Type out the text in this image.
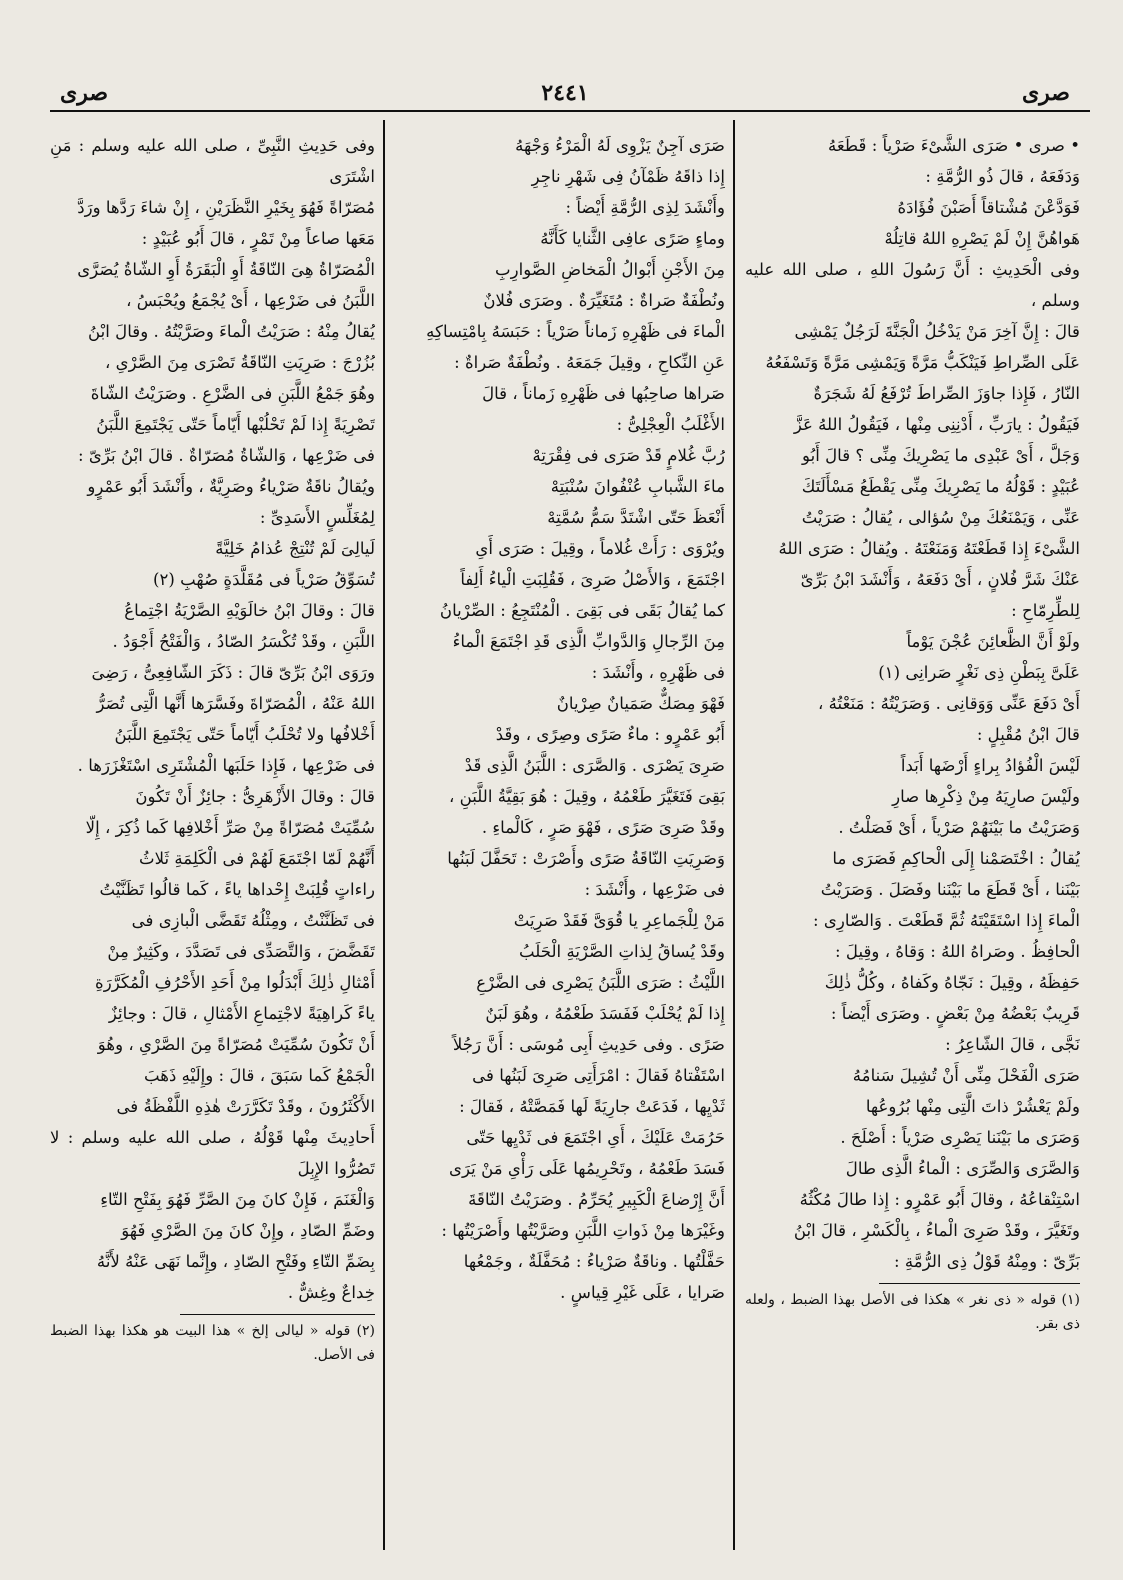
صرى
٢٤٤١
صرى

• صرى • صَرَى الشَّىْءَ صَرْياً : قَطَعَهُ

وَدَفَعَهُ ، قالَ ذُو الرُّمَّةِ :

فَوَدَّعْنَ مُشْتاقاً أَصَبْنَ فُؤَادَهُ

هَواهُنَّ إِنْ لَمْ يَصْرِهِ اللهُ قاتِلُهْ

وفى الْحَدِيثِ : أَنَّ رَسُولَ اللهِ ، صلى الله عليه وسلم ،

قالَ : إِنَّ آخِرَ مَنْ يَدْخُلُ الْجَنَّةَ لَرَجُلٌ يَمْشِى

عَلَى الصِّراطِ فَيَنْكَبُّ مَرَّةً وَيَمْشِى مَرَّةً وَتَسْفَعُهُ

النّارُ ، فَإِذا جاوَزَ الصِّراطَ تُرْفَعُ لَهُ شَجَرَةٌ

فَيَقُولُ : يارَبِّ ، أَدْنِنِى مِنْها ، فَيَقُولُ اللهُ عَزَّ

وَجَلَّ ، أَىْ عَبْدِى ما يَصْرِيكَ مِنِّى ؟ قالَ أَبُو

عُبَيْدٍ : قَوْلُهُ ما يَصْرِيكَ مِنِّى يَقْطَعُ مَسْأَلَتَكَ

عَنِّى ، وَيَمْنَعُكَ مِنْ سُؤالى ، يُقالُ : صَرَيْتُ

الشَّىْءَ إِذا قَطَعْتَهُ وَمَنَعْتَهُ . ويُقالُ : صَرَى اللهُ

عَنْكَ شَرَّ فُلانٍ ، أَىْ دَفَعَهُ ، وَأَنْشَدَ ابْنُ بَرِّىّ

لِلطِّرِمّاحِ :

ولَوْ أَنَّ الظَّعائِنَ عُجْنَ يَوْماً

عَلَىَّ بِبَطْنِ ذِى نَغْرٍ صَرانِى (١)

أَىْ دَفَعَ عَنِّى وَوَقانِى . وَصَرَيْتُهُ : مَنَعْتُهُ ،

قالَ ابْنُ مُقْبِلٍ :

لَيْسَ الْفُؤادُ بِراءٍ أَرْضَها أَبَداً

ولَيْسَ صارِيَهُ مِنْ ذِكْرِها صارِ

وَصَرَيْتُ ما بَيْنَهُمْ صَرْياً ، أَىْ فَصَلْتُ .

يُقالُ : اخْتَصَمْنا إِلَى الْحاكِمِ فَصَرَى ما

بَيْنَنا ، أَىْ قَطَعَ ما بَيْنَنا وفَصَلَ . وَصَرَيْتُ

الْماءَ إِذا اسْتَقَيْتَهُ ثُمَّ قَطَعْتَ . وَالصّارِى :

الْحافِظُ . وصَراهُ اللهُ : وَقاهُ ، وقِيلَ :

حَفِظَهُ ، وقِيلَ : نَجّاهُ وكَفاهُ ، وكُلُّ ذٰلِكَ

قَرِيبٌ بَعْضُهُ مِنْ بَعْضٍ . وصَرَى أَيْضاً :

نَجَّى ، قالَ الشّاعِرُ :

صَرَى الْفَحْلَ مِنِّى أَنْ تُشِيلَ سَنامُهُ

ولَمْ يَعْشُرْ ذاتَ الَّتِى مِنْها بُرُوعُها

وَصَرَى ما بَيْنَنا يَصْرِى صَرْياً : أَصْلَحَ .

وَالصَّرَى وَالصِّرَى : الْماءُ الَّذِى طالَ

اسْتِنْقاعُهُ ، وقالَ أَبُو عَمْرٍو : إِذا طالَ مُكْثُهُ

وتَغَيَّرَ ، وقَدْ صَرِىَ الْماءُ ، بِالْكَسْرِ ، قالَ ابْنُ

بَرِّىّ : ومِنْهُ قَوْلُ ذِى الرُّمَّةِ :

(١) قوله « ذى نغر » هكذا فى الأصل بهذا الضبط ، ولعله ذى بقر.

صَرَى آجِنٌ يَزْوِى لَهُ الْمَرْءُ وَجْهَهُ

إِذا ذاقَهُ ظَمْآنُ فِى شَهْرِ ناجِرِ

وأَنْشَدَ لِذِى الرُّمَّةِ أَيْضاً :

وماءٍ صَرًى عافِى الثَّنايا كَأَنَّهُ

مِنَ الأَجْنِ أَبْوالُ الْمَخاضِ الصَّوارِبِ

ونُطْفَةٌ صَراةٌ : مُتَغَيِّرَةٌ . وصَرَى فُلانٌ

الْماءَ فى ظَهْرِهِ زَماناً صَرْياً : حَبَسَهُ بِامْتِساكِهِ

عَنِ النِّكاحِ ، وقِيلَ جَمَعَهُ . ونُطْفَةٌ صَراةٌ :

صَراها صاحِبُها فى ظَهْرِهِ زَماناً ، قالَ

الأَغْلَبُ الْعِجْلِىُّ :

رُبَّ غُلامٍ قَدْ صَرَى فى فِقْرَتِهْ

ماءَ الشَّبابِ عُنْفُوانَ سُنْبَتِهْ

أَنْعَظَ حَتّى اشْتَدَّ سَمُّ سُمَّتِهْ

ويُرْوَى : رَأَتْ غُلاماً ، وقِيلَ : صَرَى أَىِ

اجْتَمَعَ ، وَالأَصْلُ صَرِىَ ، فَقُلِبَتِ الْياءُ أَلِفاً

كما يُقالُ بَقَى فى بَقِىَ . الْمُنْتَجِعُ : الصِّرْيانُ

مِنَ الرِّجالِ وَالدَّوابِّ الَّذِى قَدِ اجْتَمَعَ الْماءُ

فى ظَهْرِهِ ، وأَنْشَدَ :

فَهْوَ مِصَكٌّ صَمَيانٌ صِرْيانٌ

أَبُو عَمْرٍو : ماءٌ صَرًى وصِرًى ، وقَدْ

صَرِىَ يَصْرَى . وَالصَّرَى : اللَّبَنُ الَّذِى قَدْ

بَقِىَ فَتَغَيَّرَ طَعْمُهُ ، وقِيلَ : هُوَ بَقِيَّةُ اللَّبَنِ ،

وقَدْ صَرِىَ صَرًى ، فَهْوَ صَرٍ ، كَالْماءِ .

وَصَرِيَتِ النّاقَةُ صَرًى وأَصْرَتْ : تَحَفَّلَ لَبَنُها

فى ضَرْعِها ، وأَنْشَدَ :

مَنْ لِلْجَماعِرِ يا قُوَىَّ فَقَدْ صَرِيَتْ

وقَدْ يُساقُ لِذاتِ الصَّرْيَةِ الْحَلَبُ

اللَّيْثُ : صَرَى اللَّبَنُ يَصْرِى فى الضَّرْعِ

إِذا لَمْ يُحْلَبْ فَفَسَدَ طَعْمُهُ ، وهُوَ لَبَنٌ

صَرًى . وفى حَدِيثِ أَبِى مُوسَى : أَنَّ رَجُلاً

اسْتَفْتاهُ فَقالَ : امْرَأَتِى صَرِىَ لَبَنُها فى

ثَدْيِها ، فَدَعَتْ جارِيَةً لَها فَمَصَّتْهُ ، فَقالَ :

حَرُمَتْ عَلَيْكَ ، أَىِ اجْتَمَعَ فى ثَدْيِها حَتّى

فَسَدَ طَعْمُهُ ، وتَحْرِيمُها عَلَى رَأْىِ مَنْ يَرَى

أَنَّ إِرْضاعَ الْكَبِيرِ يُحَرِّمُ . وصَرَيْتُ النّاقَةَ

وغَيْرَها مِنْ ذَواتِ اللَّبَنِ وصَرَّيْتُها وأَصْرَيْتُها :

حَفَّلْتُها . وناقَةٌ صَرْياءُ : مُحَفَّلَةٌ ، وجَمْعُها

صَرايا ، عَلَى غَيْرِ قِياسٍ .

وفى حَدِيثِ النَّبِىِّ ، صلى الله عليه وسلم : مَنِ اشْتَرَى

مُصَرّاةً فَهُوَ بِخَيْرِ النَّظَرَيْنِ ، إِنْ شاءَ رَدَّها ورَدَّ

مَعَها صاعاً مِنْ تَمْرٍ ، قالَ أَبُو عُبَيْدٍ :

الْمُصَرّاةُ هِىَ النّاقَةُ أَوِ الْبَقَرَةُ أَوِ الشّاةُ يُصَرَّى

اللَّبَنُ فى ضَرْعِها ، أَىْ يُجْمَعُ ويُحْبَسُ ،

يُقالُ مِنْهُ : صَرَيْتُ الْماءَ وصَرَّيْتُهُ . وقالَ ابْنُ

بُزُرْجَ : صَرِيَتِ النّاقَةُ تَصْرَى مِنَ الصَّرْىِ ،

وهُوَ جَمْعُ اللَّبَنِ فى الضَّرْعِ . وصَرَيْتُ الشّاةَ

تَصْرِيَةً إِذا لَمْ تَحْلُبْها أَيّاماً حَتّى يَجْتَمِعَ اللَّبَنُ

فى ضَرْعِها ، وَالشّاةُ مُصَرّاةٌ . قالَ ابْنُ بَرِّىّ :

ويُقالُ ناقَةٌ صَرْياءُ وصَرِيَّةٌ ، وأَنْشَدَ أَبُو عَمْرٍو

لِمُغَلِّسٍ الأَسَدِىِّ :

لَيالِىَ لَمْ تُنْتِجْ عُذامُ خَلِيَّةً

تُسَوِّقُ صَرْياً فى مُقَلَّدَةٍ صُهْبِ (٢)

قالَ : وقالَ ابْنُ خالَوَيْهِ الصَّرْيَةُ اجْتِماعُ

اللَّبَنِ ، وقَدْ تُكْسَرُ الصّادُ ، وَالْفَتْحُ أَجْوَدُ .

ورَوَى ابْنُ بَرِّىّ قالَ : ذَكَرَ الشّافِعِىُّ ، رَضِىَ

اللهُ عَنْهُ ، الْمُصَرّاةَ وفَسَّرَها أَنَّها الَّتِى تُصَرُّ

أَخْلافُها ولا تُحْلَبُ أَيّاماً حَتّى يَجْتَمِعَ اللَّبَنُ

فى ضَرْعِها ، فَإِذا حَلَبَها الْمُشْتَرِى اسْتَغْزَرَها .

قالَ : وقالَ الأَزْهَرِىُّ : جائِزٌ أَنْ تَكُونَ

سُمِّيَتْ مُصَرّاةً مِنْ صَرِّ أَخْلافِها كَما ذُكِرَ ، إِلّا

أَنَّهُمْ لَمّا اجْتَمَعَ لَهُمْ فى الْكَلِمَةِ ثَلاثُ

راءاتٍ قُلِبَتْ إِحْداها ياءً ، كَما قالُوا تَظَنَّيْتُ

فى تَظَنَّنْتُ ، ومِثْلُهُ تَقَضَّى الْبازِى فى

تَقَضَّضَ ، وَالتَّصَدِّى فى تَصَدَّدَ ، وكَثِيرٌ مِنْ

أَمْثالِ ذٰلِكَ أَبْدَلُوا مِنْ أَحَدِ الأَحْرُفِ الْمُكَرَّرَةِ

ياءً كَراهِيَةً لاجْتِماعِ الأَمْثالِ ، قالَ : وجائِزٌ

أَنْ تَكُونَ سُمِّيَتْ مُصَرّاةً مِنَ الصَّرْىِ ، وهُوَ

الْجَمْعُ كَما سَبَقَ ، قالَ : وإِلَيْهِ ذَهَبَ

الأَكْثَرُونَ ، وقَدْ تَكَرَّرَتْ هٰذِهِ اللَّفْظَةُ فى

أَحادِيثَ مِنْها قَوْلُهُ ، صلى الله عليه وسلم : لا تَصُرُّوا الإِبِلَ

وَالْغَنَمَ ، فَإِنْ كانَ مِنَ الصَّرِّ فَهُوَ بِفَتْحِ التّاءِ

وضَمِّ الصّادِ ، وإِنْ كانَ مِنَ الصَّرْىِ فَهُوَ

بِضَمِّ التّاءِ وفَتْحِ الصّادِ ، وإِنَّما نَهَى عَنْهُ لأَنَّهُ

خِداعٌ وغِشٌّ .

(٢) قوله « ليالى إلخ » هذا البيت هو هكذا بهذا الضبط فى الأصل.
